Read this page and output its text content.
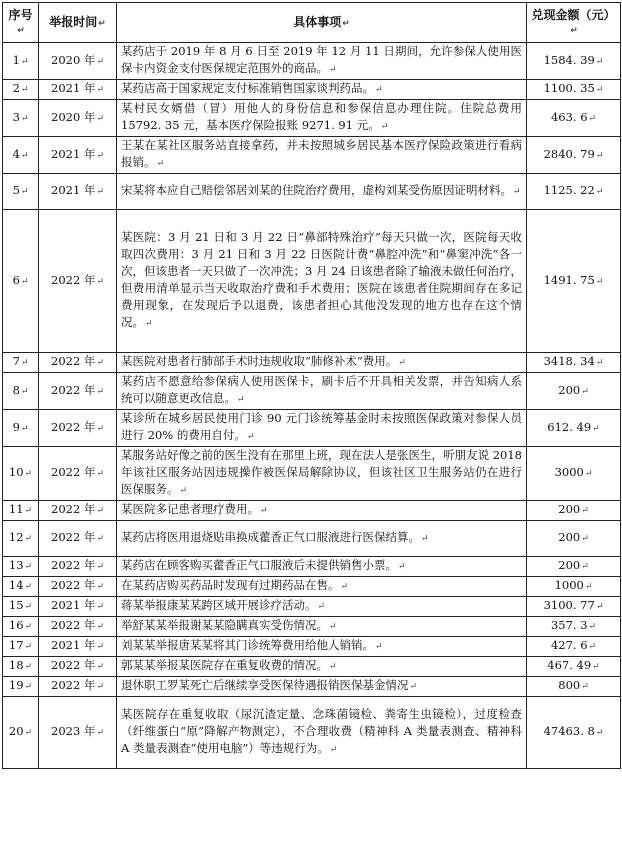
序号↵	举报时间↵	具体事项↵	兑现金额（元）↵
1↵	2020 年↵	某药店于 2019 年 8 月 6 日至 2019 年 12 月 11 日期间，允许参保人使用医保卡内资金支付医保规定范围外的商品。↵	1584. 39↵
2↵	2021 年↵	某药店高于国家规定支付标准销售国家谈判药品。↵	1100. 35↵
3↵	2020 年↵	某村民女婿借（冒）用他人的身份信息和参保信息办理住院。住院总费用 15792. 35 元，基本医疗保险报账 9271. 91 元。↵	463. 6↵
4↵	2021 年↵	王某在某社区服务站直接拿药，并未按照城乡居民基本医疗保险政策进行看病报销。↵	2840. 79↵
5↵	2021 年↵	宋某将本应自己赔偿邻居刘某的住院治疗费用，虚构刘某受伤原因证明材料。↵	1125. 22↵
6↵	2022 年↵	某医院：3 月 21 日和 3 月 22 日“鼻部特殊治疗”每天只做一次，医院每天收取四次费用：3 月 21 日和 3 月 22 日医院计费“鼻腔冲洗”和“鼻窦冲洗”各一次，但该患者一天只做了一次冲洗；3 月 24 日该患者除了输液未做任何治疗，但费用清单显示当天收取治疗费和手术费用；医院在该患者住院期间存在多记费用现象，在发现后予以退费，该患者担心其他没发现的地方也存在这个情况。↵	1491. 75↵
7↵	2022 年↵	某医院对患者行肺部手术时违规收取“肺修补术”费用。↵	3418. 34↵
8↵	2022 年↵	某药店不愿意给参保病人使用医保卡，刷卡后不开具相关发票，并告知病人系统可以随意更改信息。↵	200↵
9↵	2022 年↵	某诊所在城乡居民使用门诊 90 元门诊统筹基金时未按照医保政策对参保人员进行 20% 的费用自付。↵	612. 49↵
10↵	2022 年↵	某服务站好像之前的医生没有在那里上班，现在法人是张医生，听朋友说 2018 年该社区服务站因违规操作被医保局解除协议，但该社区卫生服务站仍在进行医保服务。↵	3000↵
11↵	2022 年↵	某医院多记患者理疗费用。↵	200↵
12↵	2022 年↵	某药店将医用退烧贴串换成藿香正气口服液进行医保结算。↵	200↵
13↵	2022 年↵	某药店在顾客购买藿香正气口服液后未提供销售小票。↵	200↵
14↵	2022 年↵	在某药店购买药品时发现有过期药品在售。↵	1000↵
15↵	2021 年↵	蒋某举报康某某跨区域开展诊疗活动。↵	3100. 77↵
16↵	2022 年↵	举舒某某举报谢某某隐瞒真实受伤情况。↵	357. 3↵
17↵	2021 年↵	刘某某举报唐某某将其门诊统筹费用给他人销销。↵	427. 6↵
18↵	2022 年↵	郭某某举报某医院存在重复收费的情况。↵	467. 49↵
19↵	2022 年↵	退休职工罗某死亡后继续享受医保待遇报销医保基金情况↵	800↵
20↵	2023 年↵	某医院存在重复收取（尿沉渣定量、念珠菌镜检、粪寄生虫镜检），过度检查（纤维蛋白“原”降解产物测定），不合理收费（精神科 A 类量表测查、精神科 A 类量表测查“使用电脑”）等违规行为。↵	47463. 8↵
